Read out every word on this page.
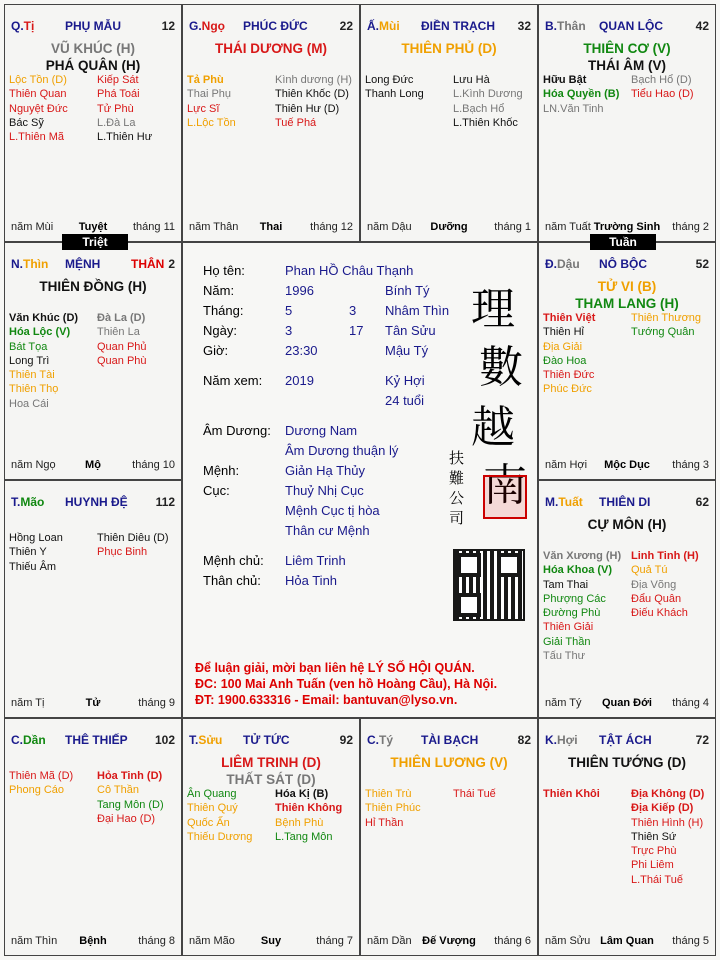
Họ tên:	Phan HỒ Châu Thạnh
Năm:	1996	Bính Tý
Tháng:	5	3 Nhâm Thìn
Ngày:	3	17 Tân Sửu
Giờ:	23:30	Mậu Tý
Năm xem: 2019	Kỷ Hợi
24 tuổi
Âm Dương: Dương Nam
Âm Dương thuận lý
Mệnh:	Giản Hạ Thủy
Cục:	Thuỷ Nhị Cục
Mệnh Cục tị hòa
Thân cư Mệnh
Mệnh chủ: Liêm Trinh
Thân chủ: Hỏa Tinh
理
數
越
南
扶
難
公
司
Để luận giải, mời bạn liên hệ LÝ SỐ HỘI QUÁN.
ĐC: 100 Mai Anh Tuấn (ven hồ Hoàng Cầu), Hà Nội.
ĐT: 1900.633316 - Email: bantuvan@lyso.vn.
Q.Tị	PHỤ MẪU	12
VŨ KHÚC (H)
PHÁ QUÂN (H)
Lộc Tồn (D)
Thiên Quan
Nguyệt Đức
Bác Sỹ
L.Thiên Mã
Kiếp Sát
Phá Toái
Tử Phù
L.Đà La
L.Thiên Hư
năm Mùi	Tuyệt	tháng 11
G.Ngọ PHÚC ĐỨC	22
THÁI DƯƠNG (M)
Tả Phù
Thai Phụ
Lực Sĩ
L.Lộc Tồn
Kình dương (H)
Thiên Khốc (D)
Thiên Hư (D)
Tuế Phá
năm Thân	Thai	tháng 12
Ấ.Mùi ĐIỀN TRẠCH 32
THIÊN PHỦ (D)
Long Đức
Thanh Long
Lưu Hà
L.Kình Dương
L.Bạch Hổ
L.Thiên Khốc
năm Dậu	Dưỡng	tháng 1
B.Thân QUAN LỘC	42
THIÊN CƠ (V)
THÁI ÂM (V)
Hữu Bật
Hóa Quyền (B)
LN.Văn Tinh
Bạch Hổ (D)
Tiểu Hao (D)
năm Tuất Trường Sinh	tháng 2
N.Thìn MỆNH	THÂN 2
THIÊN ĐỒNG (H)
Văn Khúc (D)
Hóa Lộc (V)
Bát Tọa
Long Trì
Thiên Tài
Thiên Thọ
Hoa Cái
Đà La (D)
Thiên La
Quan Phủ
Quan Phù
năm Ngọ	Mộ	tháng 10
Đ.Dậu NÔ BỘC	52
TỬ VI (B)
THAM LANG (H)
Thiên Việt
Thiên Hỉ
Địa Giải
Đào Hoa
Thiên Đức
Phúc Đức
Thiên Thương
Tướng Quân
năm Hợi	Mộc Dục	tháng 3
T.Mão HUYNH ĐỆ 112
Hồng Loan
Thiên Y
Thiếu Âm
Thiên Diêu (D)
Phục Binh
năm Tị	Tử	tháng 9
M.Tuất THIÊN DI	62
CỰ MÔN (H)
Văn Xương (H)
Hóa Khoa (V)
Tam Thai
Phượng Các
Đường Phù
Thiên Giải
Giải Thần
Tấu Thư
Linh Tinh (H)
Quả Tú
Địa Võng
Đẩu Quân
Điếu Khách
năm Tý	Quan Đới	tháng 4
C.Dần THÊ THIẾP 102
Thiên Mã (D)
Phong Cáo
Hỏa Tinh (D)
Cô Thần
Tang Môn (D)
Đại Hao (D)
năm Thìn	Bệnh	tháng 8
T.Sửu TỬ TỨC	92
LIÊM TRINH (D)
THẤT SÁT (D)
Ân Quang
Thiên Quý
Quốc Ấn
Thiếu Dương
Hóa Kị (B)
Thiên Không
Bệnh Phù
L.Tang Môn
năm Mão	Suy	tháng 7
C.Tý TÀI BẠCH	82
THIÊN LƯƠNG (V)
Thiên Trù
Thiên Phúc
Hỉ Thần
Thái Tuế
năm Dần Đế Vượng	tháng 6
K.Hợi TẬT ÁCH	72
THIÊN TƯỚNG (D)
Thiên Khôi	Địa Không (D)
Địa Kiếp (D)
Thiên Hình (H)
Thiên Sứ
Trực Phù
Phi Liêm
L.Thái Tuế
năm Sửu Lâm Quan	tháng 5
Triệt	Tuần
